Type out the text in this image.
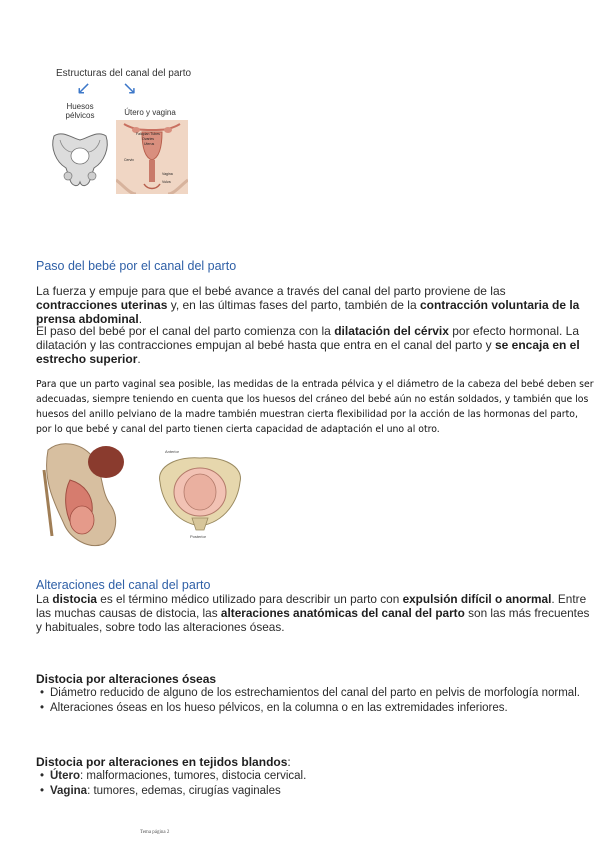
Estructuras del canal del parto
↙ ↘
Huesos pélvicos	Útero y vagina
Falopian Tubes
Ovaries
Uterus
Cervix
Vagina
Vulva
Paso del bebé por el canal del parto

La fuerza y empuje para que el bebé avance a través del canal del parto proviene de las contracciones uterinas y, en las últimas fases del parto, también de la contracción voluntaria de la prensa abdominal.

El paso del bebé por el canal del parto comienza con la dilatación del cérvix por efecto hormonal. La dilatación y las contracciones empujan al bebé hasta que entra en el canal del parto y se encaja en el estrecho superior.

Para que un parto vaginal sea posible, las medidas de la entrada pélvica y el diámetro de la cabeza del bebé deben ser adecuadas, siempre teniendo en cuenta que los huesos del cráneo del bebé aún no están soldados, y también que los huesos del anillo pelviano de la madre también muestran cierta flexibilidad por la acción de las hormonas del parto, por lo que bebé y canal del parto tienen cierta capacidad de adaptación el uno al otro.

Anterior
Posterior
Alteraciones del canal del parto

La distocia es el término médico utilizado para describir un parto con expulsión difícil o anormal. Entre las muchas causas de distocia, las alteraciones anatómicas del canal del parto son las más frecuentes y habituales, sobre todo las alteraciones óseas.

Distocia por alteraciones óseas
• Diámetro reducido de alguno de los estrechamientos del canal del parto en pelvis de morfología normal.
• Alteraciones óseas en los hueso pélvicos, en la columna o en las extremidades inferiores.
Distocia por alteraciones en tejidos blandos:
• Útero: malformaciones, tumores, distocia cervical.
• Vagina: tumores, edemas, cirugías vaginales
Tema página 2
